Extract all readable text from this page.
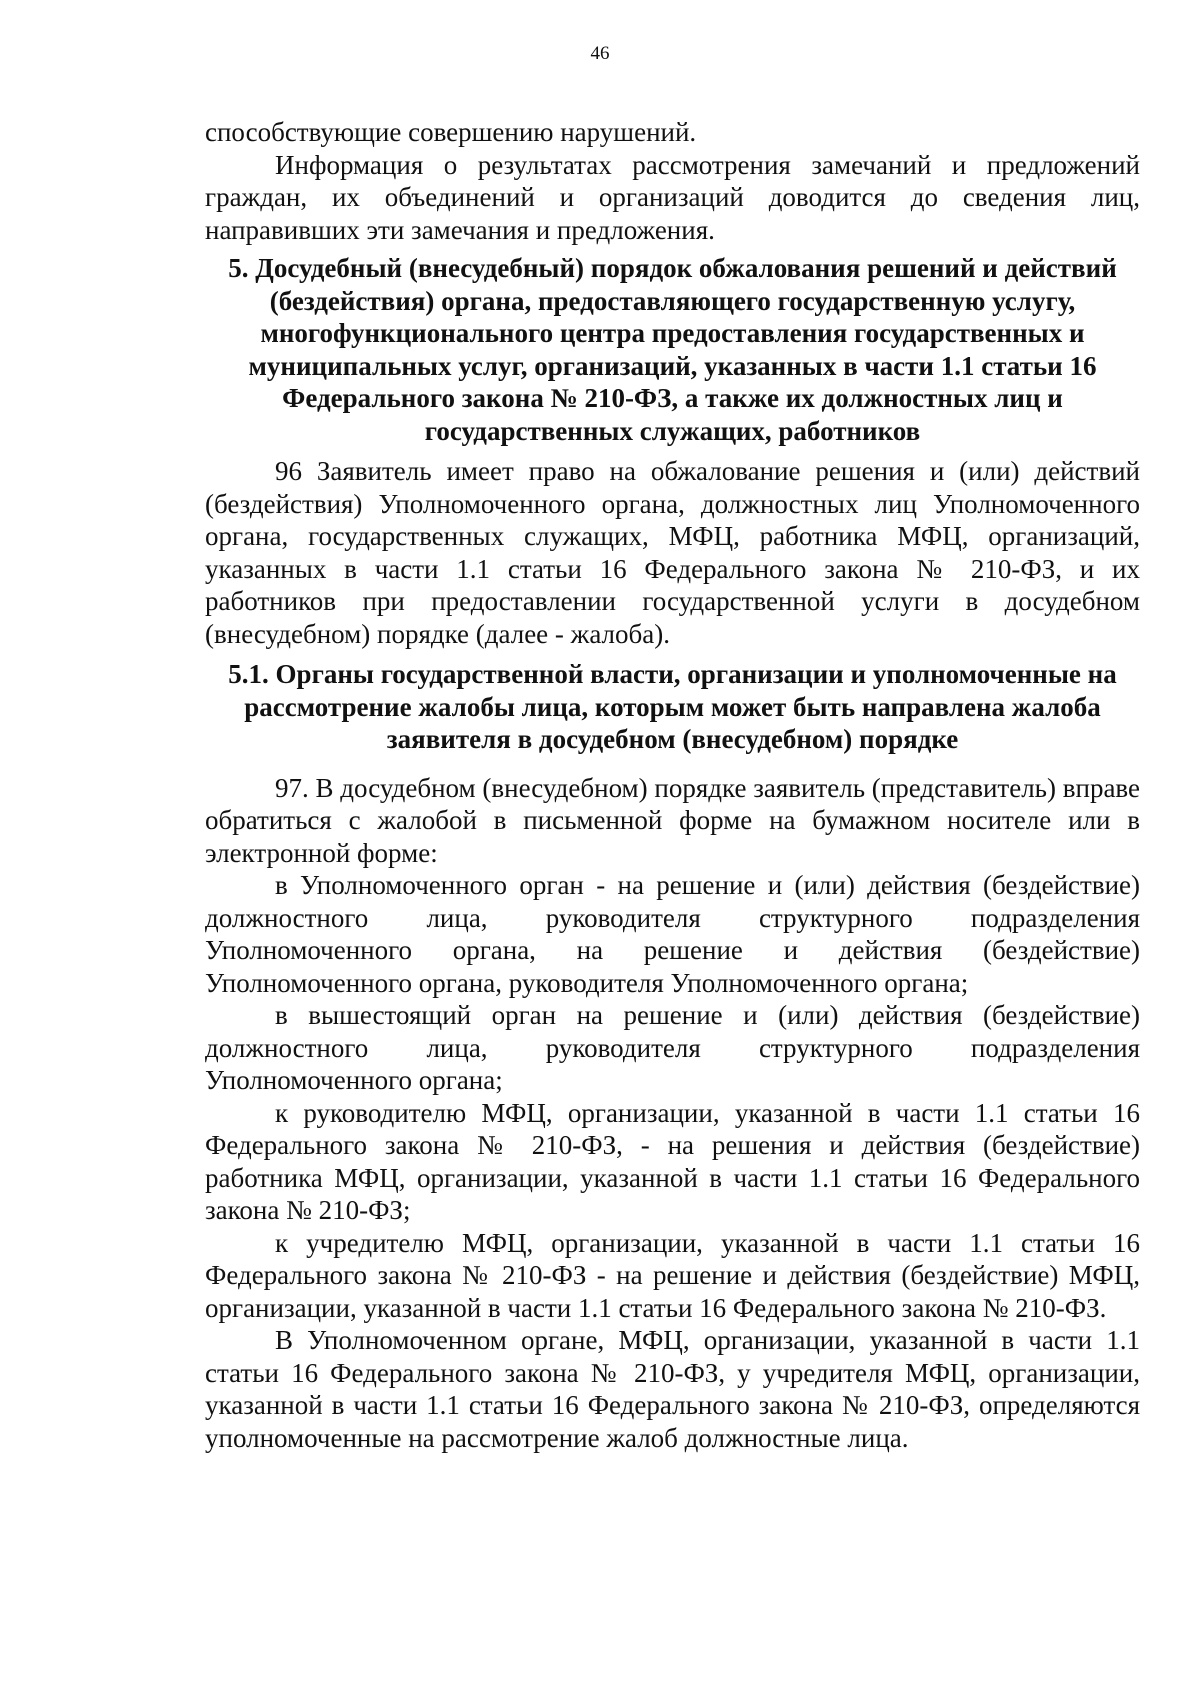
46

способствующие совершению нарушений.

Информация о результатах рассмотрения замечаний и предложений граждан, их объединений и организаций доводится до сведения лиц, направивших эти замечания и предложения.

5. Досудебный (внесудебный) порядок обжалования решений и действий (бездействия) органа, предоставляющего государственную услугу, многофункционального центра предоставления государственных и муниципальных услуг, организаций, указанных в части 1.1 статьи 16 Федерального закона № 210-ФЗ, а также их должностных лиц и государственных служащих, работников

96 Заявитель имеет право на обжалование решения и (или) действий (бездействия) Уполномоченного органа, должностных лиц Уполномоченного органа, государственных служащих, МФЦ, работника МФЦ, организаций, указанных в части 1.1 статьи 16 Федерального закона № 210-ФЗ, и их работников при предоставлении государственной услуги в досудебном (внесудебном) порядке (далее - жалоба).

5.1. Органы государственной власти, организации и уполномоченные на рассмотрение жалобы лица, которым может быть направлена жалоба заявителя в досудебном (внесудебном) порядке

97. В досудебном (внесудебном) порядке заявитель (представитель) вправе обратиться с жалобой в письменной форме на бумажном носителе или в электронной форме:

в Уполномоченного орган - на решение и (или) действия (бездействие) должностного лица, руководителя структурного подразделения Уполномоченного органа, на решение и действия (бездействие) Уполномоченного органа, руководителя Уполномоченного органа;

в вышестоящий орган на решение и (или) действия (бездействие) должностного лица, руководителя структурного подразделения Уполномоченного органа;

к руководителю МФЦ, организации, указанной в части 1.1 статьи 16 Федерального закона № 210-ФЗ, - на решения и действия (бездействие) работника МФЦ, организации, указанной в части 1.1 статьи 16 Федерального закона № 210-ФЗ;

к учредителю МФЦ, организации, указанной в части 1.1 статьи 16 Федерального закона № 210-ФЗ - на решение и действия (бездействие) МФЦ, организации, указанной в части 1.1 статьи 16 Федерального закона № 210-ФЗ.

В Уполномоченном органе, МФЦ, организации, указанной в части 1.1 статьи 16 Федерального закона № 210-ФЗ, у учредителя МФЦ, организации, указанной в части 1.1 статьи 16 Федерального закона № 210-ФЗ, определяются уполномоченные на рассмотрение жалоб должностные лица.
